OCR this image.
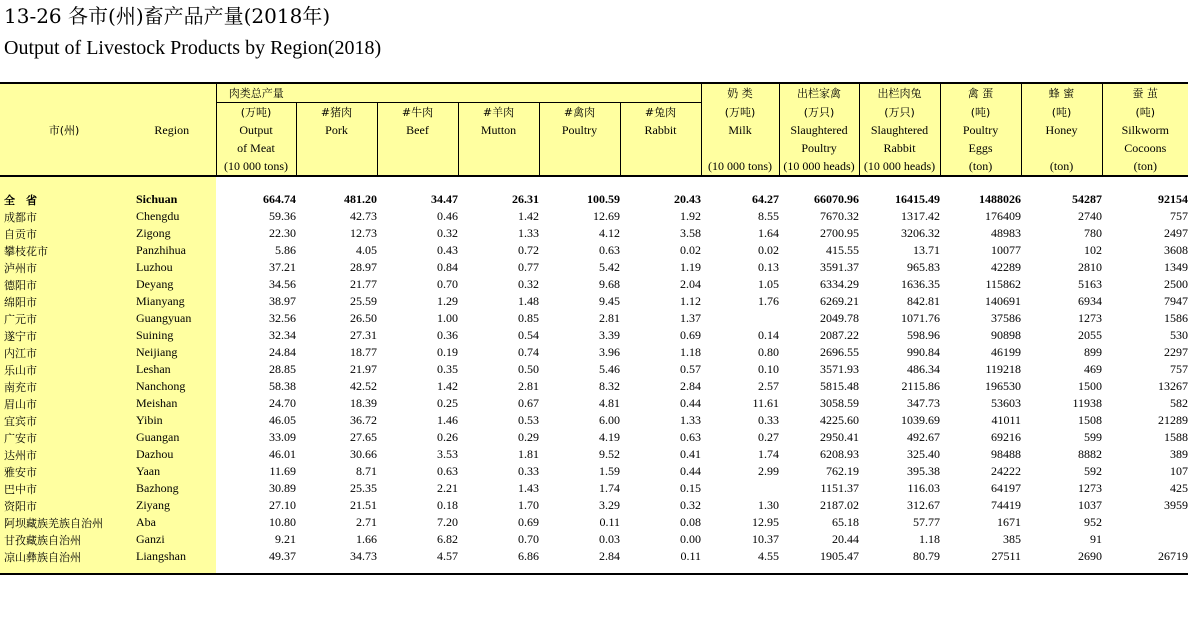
13-26 各市(州)畜产品产量(2018年)
Output of Livestock Products by Region(2018)
		肉类总产量						奶 类	出栏家禽	出栏肉兔	禽 蛋	蜂 蜜	蚕 茧
		(万吨)	#猪肉	#牛肉	#羊肉	#禽肉	#兔肉	(万吨)	(万只)	(万只)	(吨)	(吨)	(吨)
市(州)	Region	Output	Pork	Beef	Mutton	Poultry	Rabbit	Milk	Slaughtered	Slaughtered	Poultry	Honey	Silkworm
		of Meat							Poultry	Rabbit	Eggs		Cocoons
		(10 000 tons)						(10 000 tons)	(10 000 heads)	(10 000 heads)	(ton)	(ton)	(ton)

全　省	Sichuan	664.74	481.20	34.47	26.31	100.59	20.43	64.27	66070.96	16415.49	1488026	54287	92154
成都市	Chengdu	59.36	42.73	0.46	1.42	12.69	1.92	8.55	7670.32	1317.42	176409	2740	757
自贡市	Zigong	22.30	12.73	0.32	1.33	4.12	3.58	1.64	2700.95	3206.32	48983	780	2497
攀枝花市	Panzhihua	5.86	4.05	0.43	0.72	0.63	0.02	0.02	415.55	13.71	10077	102	3608
泸州市	Luzhou	37.21	28.97	0.84	0.77	5.42	1.19	0.13	3591.37	965.83	42289	2810	1349
德阳市	Deyang	34.56	21.77	0.70	0.32	9.68	2.04	1.05	6334.29	1636.35	115862	5163	2500
绵阳市	Mianyang	38.97	25.59	1.29	1.48	9.45	1.12	1.76	6269.21	842.81	140691	6934	7947
广元市	Guangyuan	32.56	26.50	1.00	0.85	2.81	1.37		2049.78	1071.76	37586	1273	1586
遂宁市	Suining	32.34	27.31	0.36	0.54	3.39	0.69	0.14	2087.22	598.96	90898	2055	530
内江市	Neijiang	24.84	18.77	0.19	0.74	3.96	1.18	0.80	2696.55	990.84	46199	899	2297
乐山市	Leshan	28.85	21.97	0.35	0.50	5.46	0.57	0.10	3571.93	486.34	119218	469	757
南充市	Nanchong	58.38	42.52	1.42	2.81	8.32	2.84	2.57	5815.48	2115.86	196530	1500	13267
眉山市	Meishan	24.70	18.39	0.25	0.67	4.81	0.44	11.61	3058.59	347.73	53603	11938	582
宜宾市	Yibin	46.05	36.72	1.46	0.53	6.00	1.33	0.33	4225.60	1039.69	41011	1508	21289
广安市	Guangan	33.09	27.65	0.26	0.29	4.19	0.63	0.27	2950.41	492.67	69216	599	1588
达州市	Dazhou	46.01	30.66	3.53	1.81	9.52	0.41	1.74	6208.93	325.40	98488	8882	389
雅安市	Yaan	11.69	8.71	0.63	0.33	1.59	0.44	2.99	762.19	395.38	24222	592	107
巴中市	Bazhong	30.89	25.35	2.21	1.43	1.74	0.15		1151.37	116.03	64197	1273	425
资阳市	Ziyang	27.10	21.51	0.18	1.70	3.29	0.32	1.30	2187.02	312.67	74419	1037	3959
阿坝藏族羌族自治州	Aba	10.80	2.71	7.20	0.69	0.11	0.08	12.95	65.18	57.77	1671	952	
甘孜藏族自治州	Ganzi	9.21	1.66	6.82	0.70	0.03	0.00	10.37	20.44	1.18	385	91	
凉山彝族自治州	Liangshan	49.37	34.73	4.57	6.86	2.84	0.11	4.55	1905.47	80.79	27511	2690	26719
